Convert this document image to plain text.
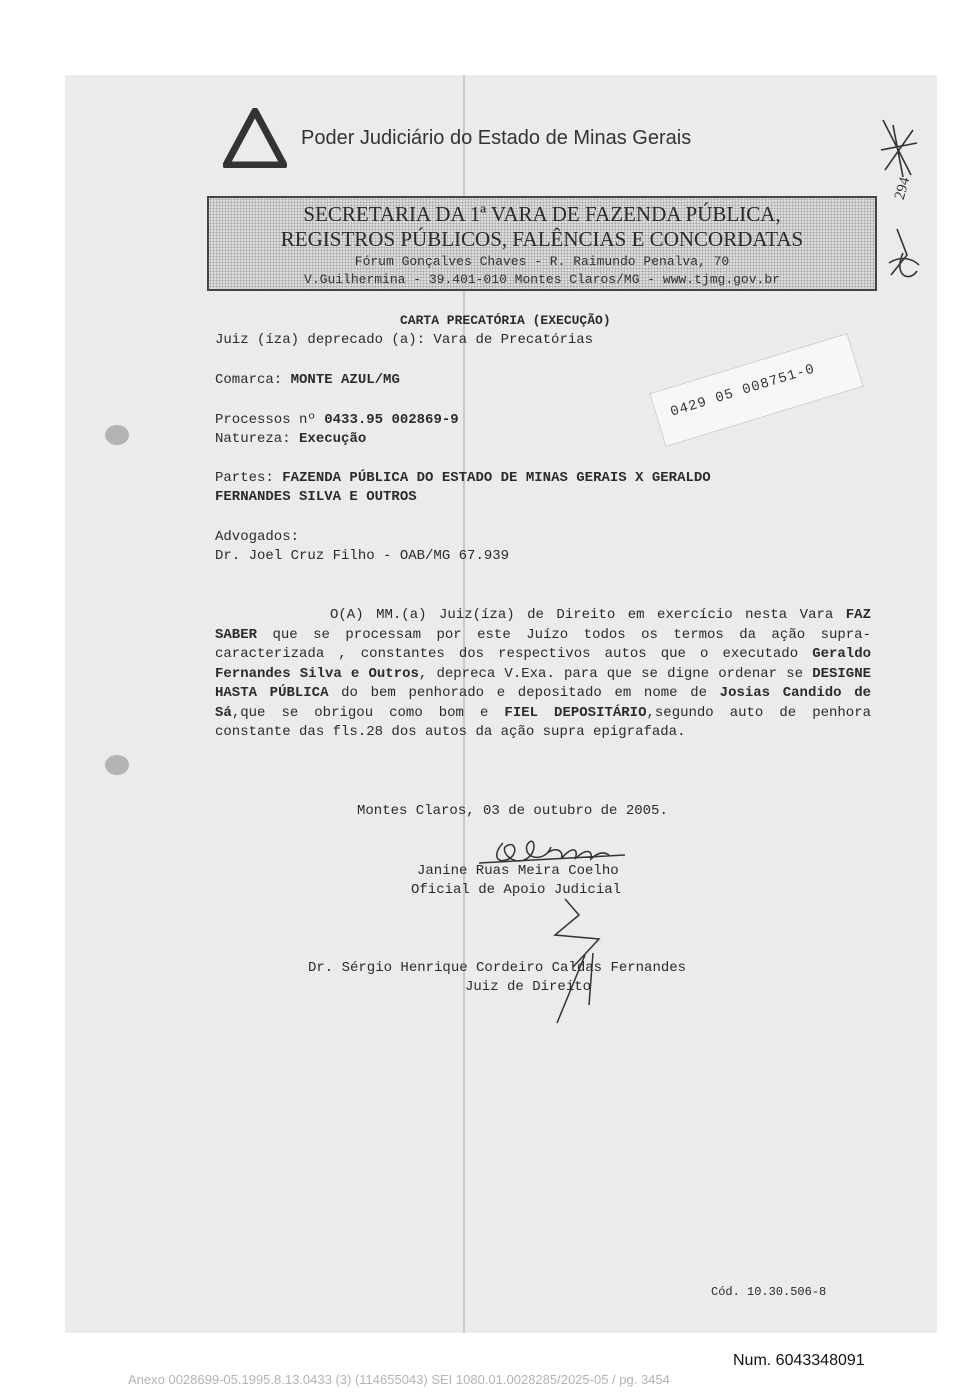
Poder Judiciário do Estado de Minas Gerais
294
SECRETARIA DA 1ª VARA DE FAZENDA PÚBLICA,
REGISTROS PÚBLICOS, FALÊNCIAS E CONCORDATAS
Fórum Gonçalves Chaves - R. Raimundo Penalva, 70
V.Guilhermina - 39.401-010 Montes Claros/MG - www.tjmg.gov.br
CARTA PRECATÓRIA (EXECUÇÃO)
Juiz (íza) deprecado (a): Vara de Precatórias
Comarca: MONTE AZUL/MG
Processos nº 0433.95 002869-9
Natureza: Execução
0429 05 008751-0
Partes: FAZENDA PÚBLICA DO ESTADO DE MINAS GERAIS X GERALDO
FERNANDES SILVA E OUTROS
Advogados:
Dr. Joel Cruz Filho - OAB/MG 67.939
O(A) MM.(a) Juiz(íza) de Direito em exercício nesta Vara FAZ SABER que se processam por este Juízo todos os termos da ação supra-caracterizada , constantes dos respectivos autos que o executado Geraldo Fernandes Silva e Outros, depreca V.Exa. para que se digne ordenar se DESIGNE HASTA PÚBLICA do bem penhorado e depositado em nome de Josias Candido de Sá,que se obrigou como bom e FIEL DEPOSITÁRIO,segundo auto de penhora constante das fls.28 dos autos da ação supra epigrafada.
Montes Claros, 03 de outubro de 2005.
Janine Ruas Meira Coelho
Oficial de Apoio Judicial
Dr. Sérgio Henrique Cordeiro Caldas Fernandes
Juiz de Direito
Cód. 10.30.506-8
Num. 6043348091
Anexo 0028699-05.1995.8.13.0433 (3) (114655043) SEI 1080.01.0028285/2025-05 / pg. 3454
